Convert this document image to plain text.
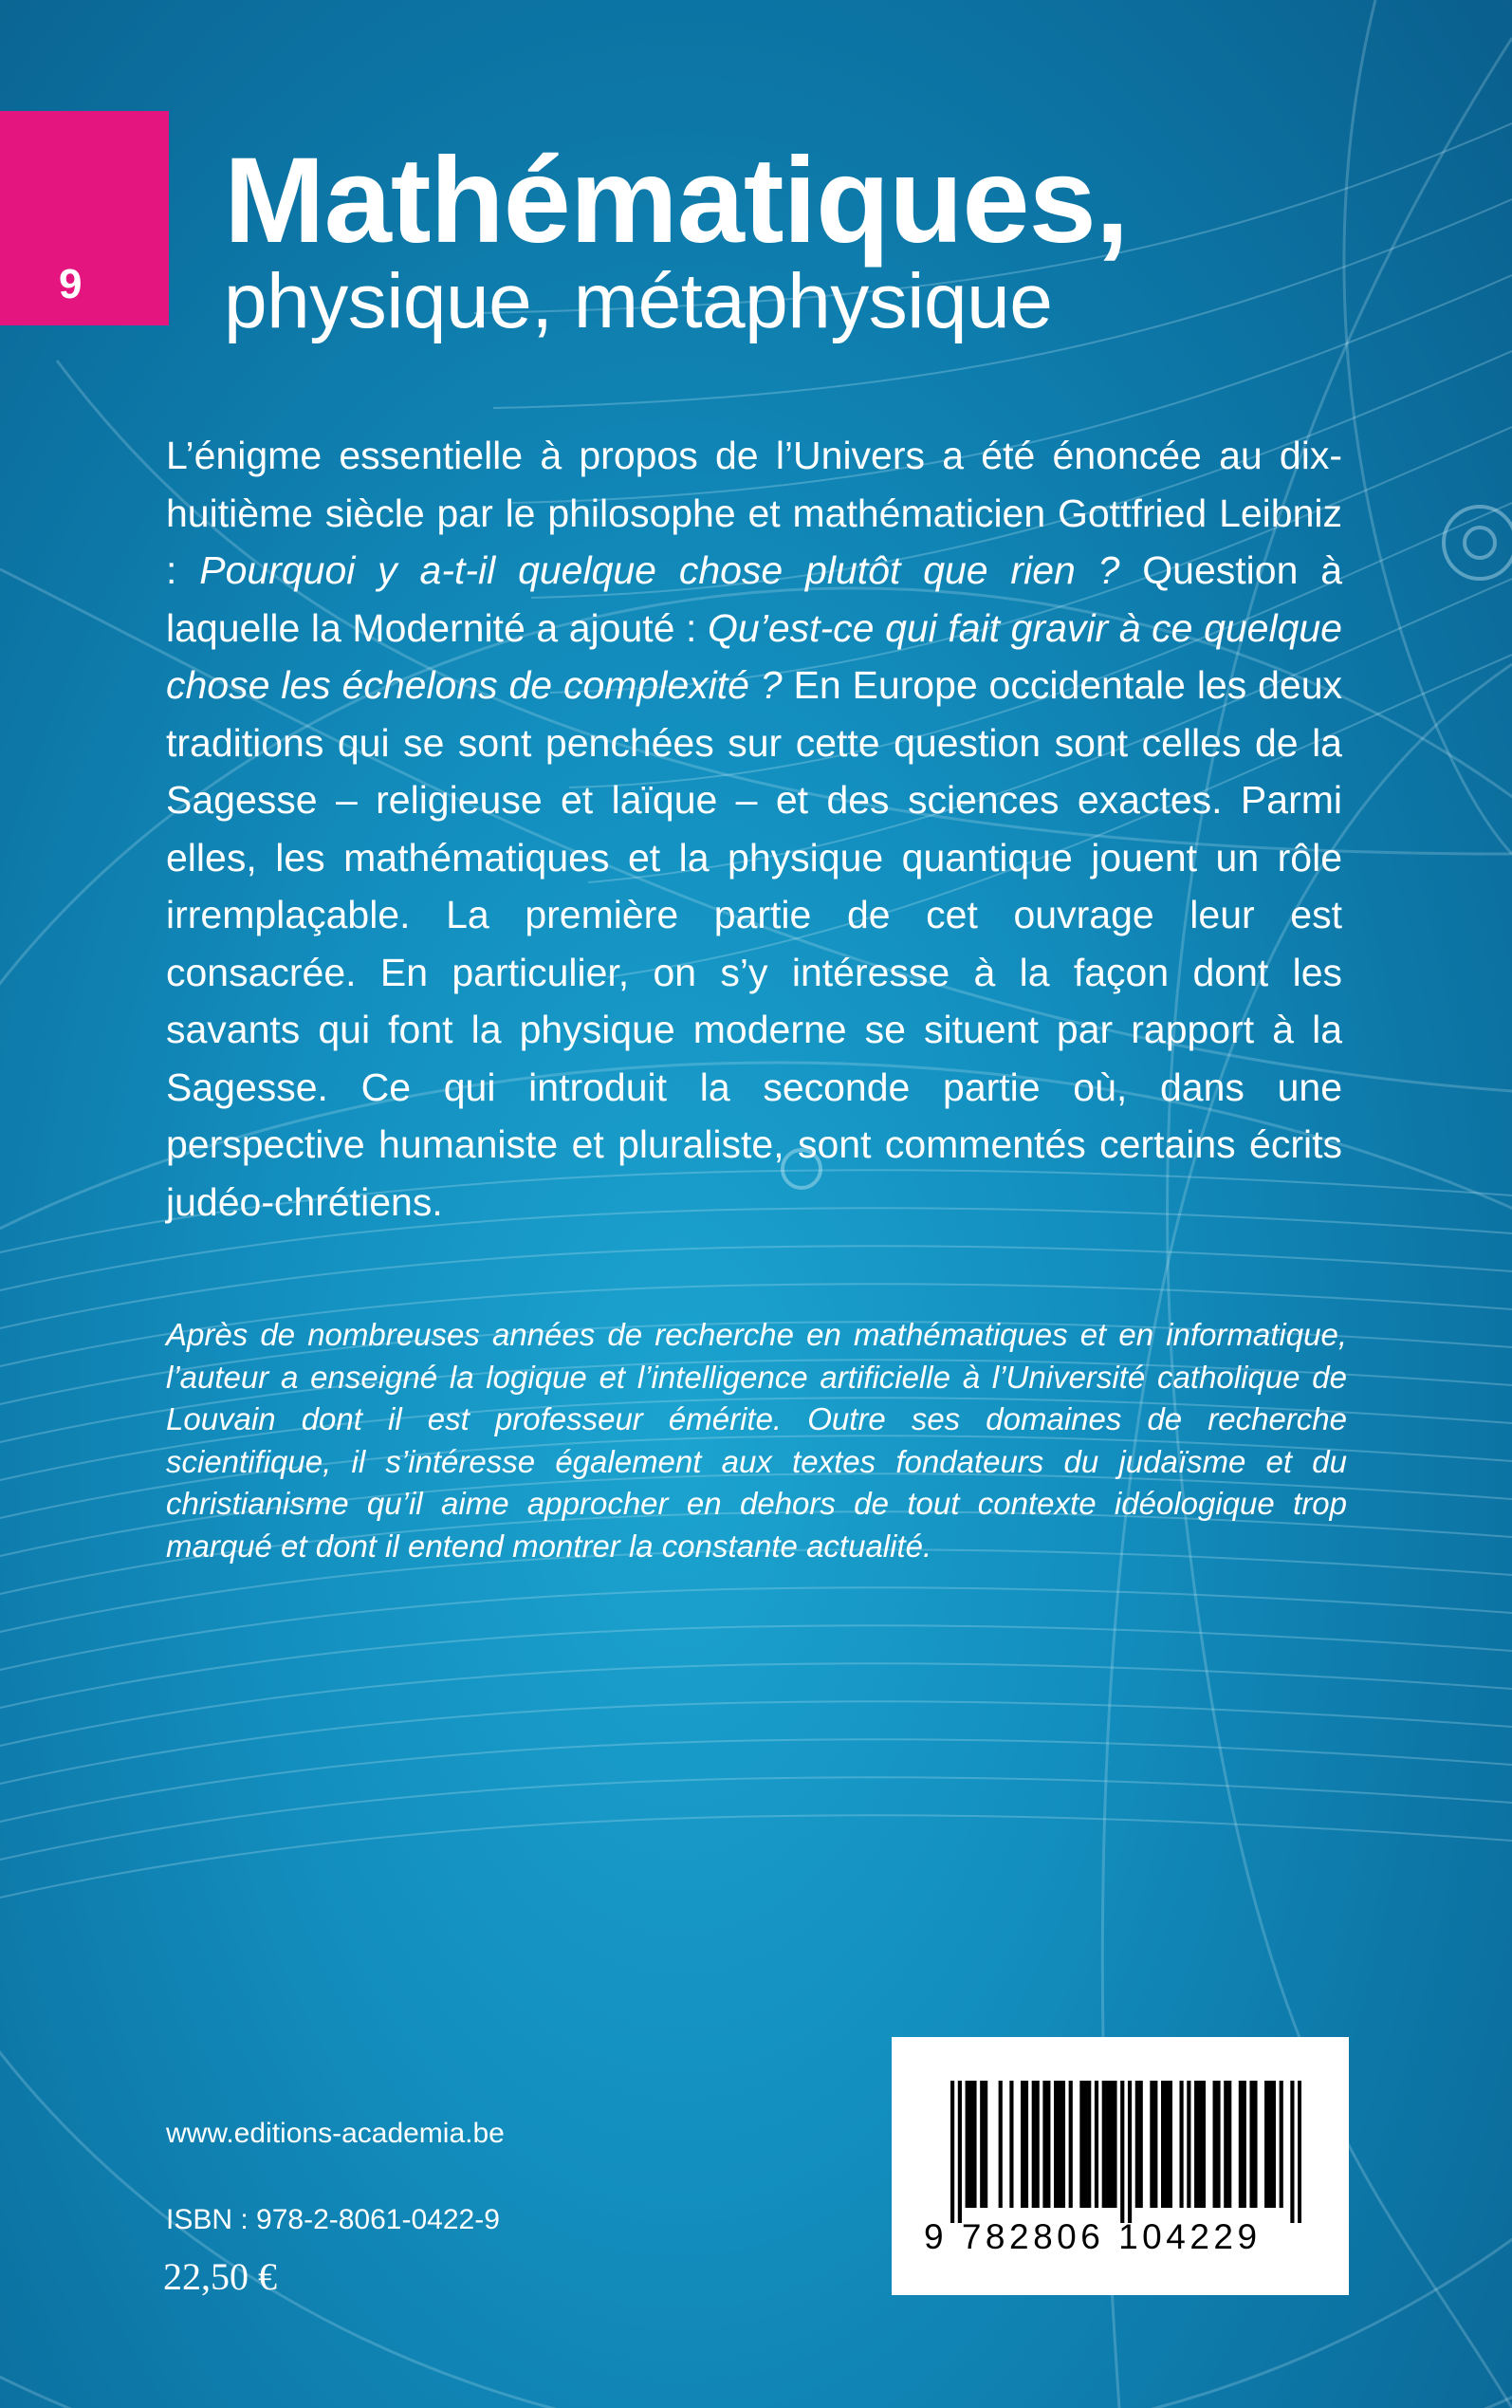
9
Mathématiques,
physique, métaphysique

L’énigme essentielle à propos de l’Univers a été énoncée au dix-huitième siècle par le philosophe et mathématicien Gottfried Leibniz : Pourquoi y a-t-il quelque chose plutôt que rien ? Question à laquelle la Modernité a ajouté : Qu’est-ce qui fait gravir à ce quelque chose les échelons de complexité ? En Europe occidentale les deux traditions qui se sont penchées sur cette question sont celles de la Sagesse – religieuse et laïque – et des sciences exactes. Parmi elles, les mathématiques et la physique quantique jouent un rôle irremplaçable. La première partie de cet ouvrage leur est consacrée. En particulier, on s’y intéresse à la façon dont les savants qui font la physique moderne se situent par rapport à la Sagesse. Ce qui introduit la seconde partie où, dans une perspective humaniste et pluraliste, sont commentés certains écrits judéo-chrétiens.

Après de nombreuses années de recherche en mathématiques et en informatique, l’auteur a enseigné la logique et l’intelligence artificielle à l’Université catholique de Louvain dont il est professeur émérite. Outre ses domaines de recherche scientifique, il s’intéresse également aux textes fondateurs du judaïsme et du christianisme qu’il aime approcher en dehors de tout contexte idéologique trop marqué et dont il entend montrer la constante actualité.

www.editions-academia.be
ISBN : 978-2-8061-0422-9
22,50 €
9 782806 104229
